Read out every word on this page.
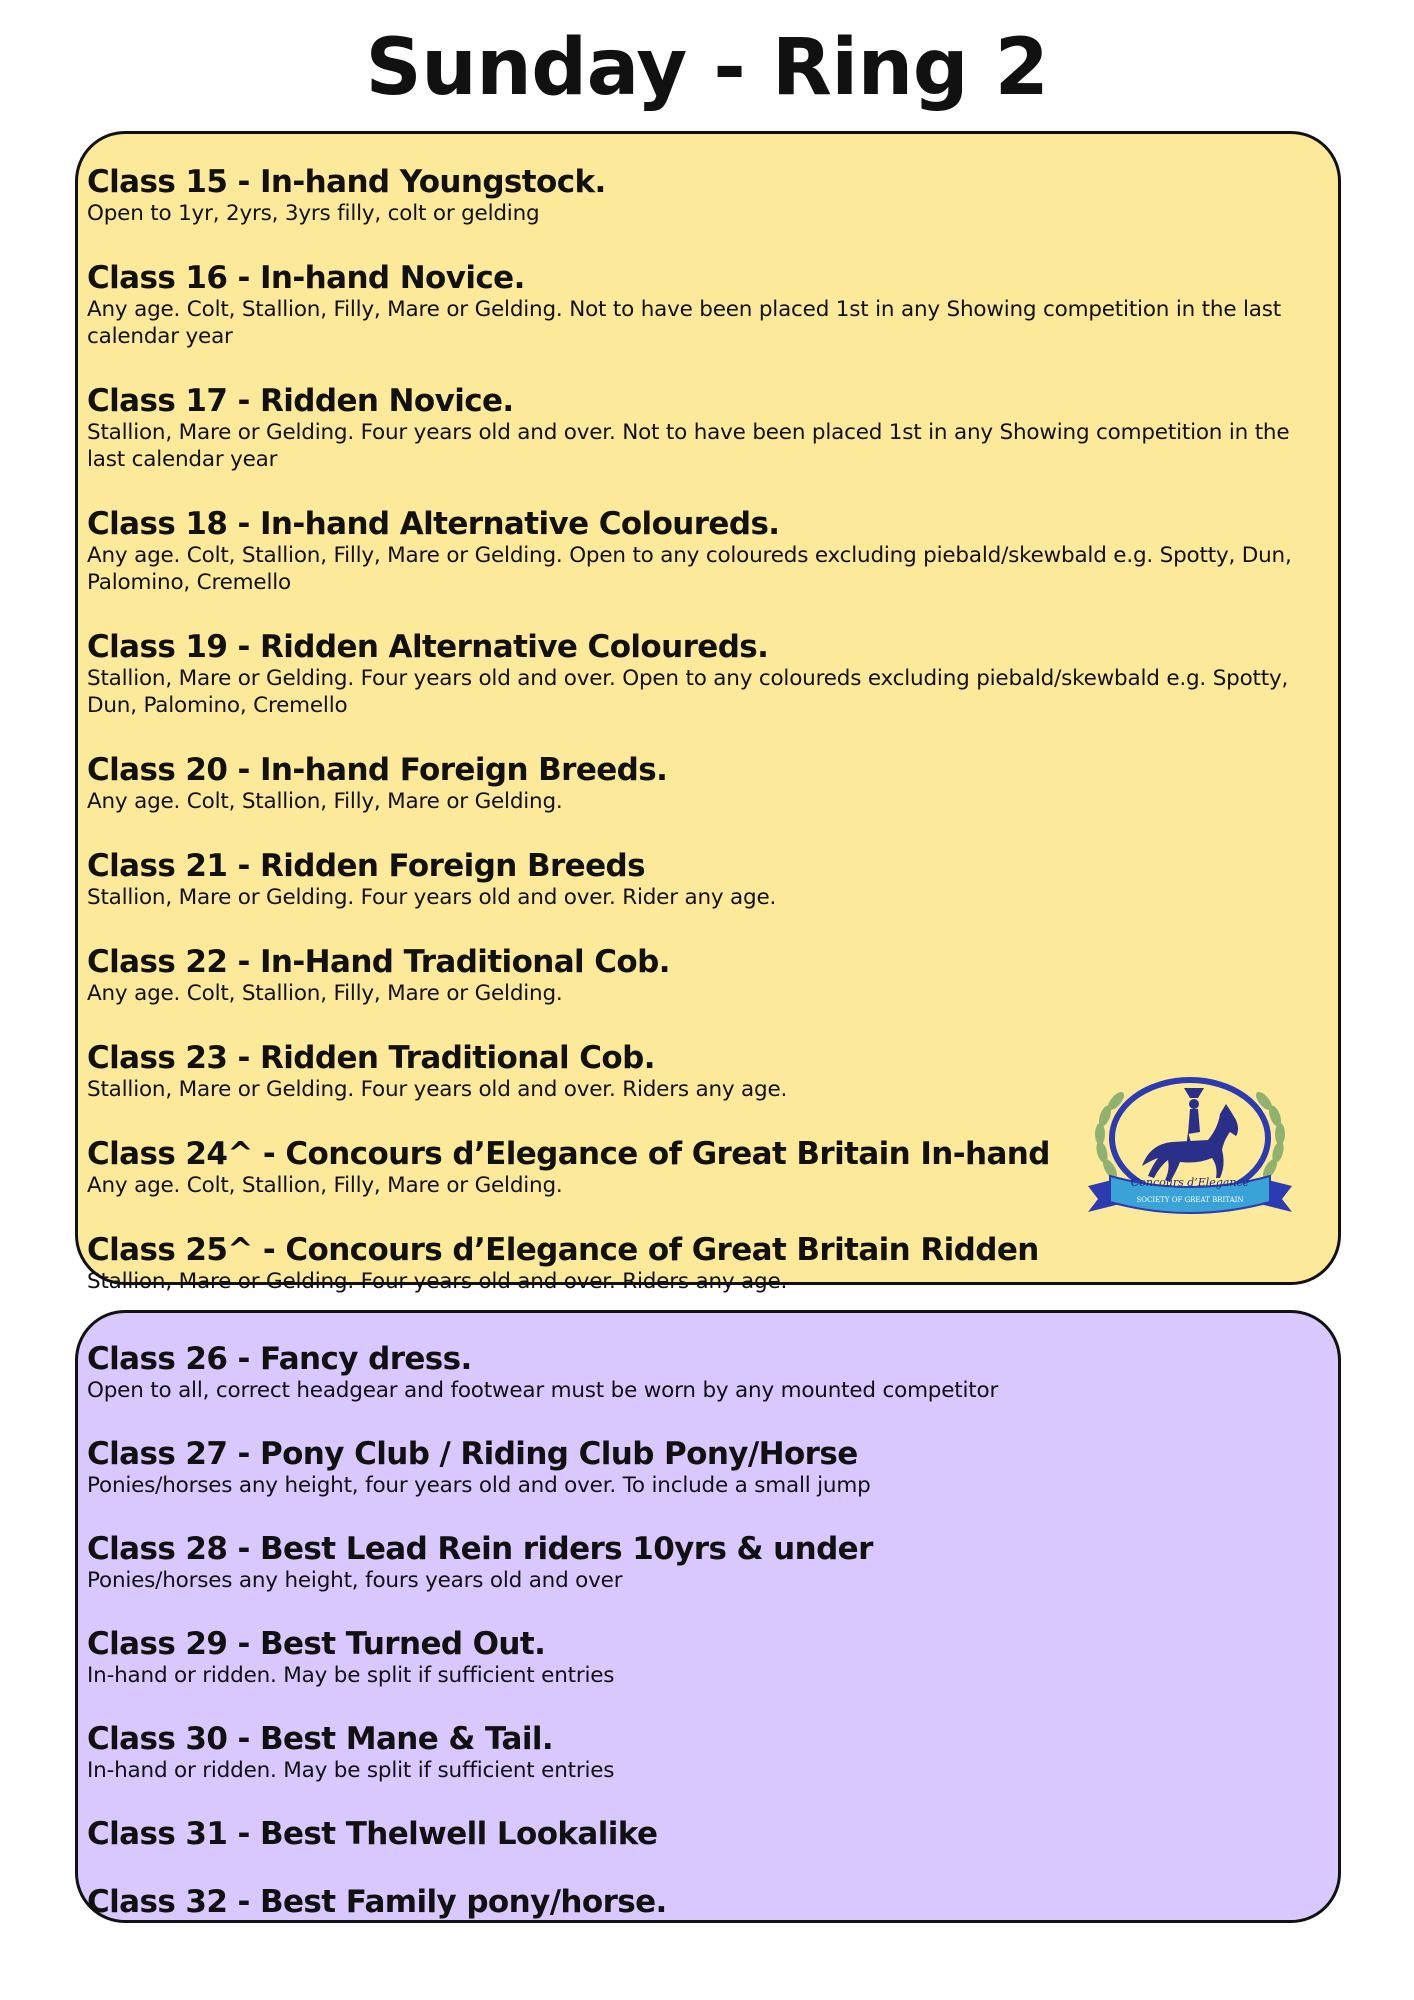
Sunday - Ring 2
Class 15 - In-hand Youngstock.
Open to 1yr, 2yrs, 3yrs filly, colt or gelding
Class 16 - In-hand Novice.
Any age. Colt, Stallion, Filly, Mare or Gelding. Not to have been placed 1st in any Showing competition in the last calendar year
Class 17 - Ridden Novice.
Stallion, Mare or Gelding. Four years old and over. Not to have been placed 1st in any Showing competition in the last calendar year
Class 18 - In-hand Alternative Coloureds.
Any age. Colt, Stallion, Filly, Mare or Gelding. Open to any coloureds excluding piebald/skewbald e.g. Spotty, Dun, Palomino, Cremello
Class 19 - Ridden Alternative Coloureds.
Stallion, Mare or Gelding. Four years old and over. Open to any coloureds excluding piebald/skewbald e.g. Spotty, Dun, Palomino, Cremello
Class 20 - In-hand Foreign Breeds.
Any age. Colt, Stallion, Filly, Mare or Gelding.
Class 21 - Ridden Foreign Breeds
Stallion, Mare or Gelding. Four years old and over. Rider any age.
Class 22 - In-Hand Traditional Cob.
Any age. Colt, Stallion, Filly, Mare or Gelding.
Class 23 - Ridden Traditional Cob.
Stallion, Mare or Gelding. Four years old and over. Riders any age.
Class 24^ - Concours d’Elegance of Great Britain In-hand
Any age. Colt, Stallion, Filly, Mare or Gelding.
Class 25^ - Concours d’Elegance of Great Britain Ridden
Stallion, Mare or Gelding. Four years old and over. Riders any age.
Concours d’Elegance
SOCIETY OF GREAT BRITAIN
Class 26 - Fancy dress.
Open to all, correct headgear and footwear must be worn by any mounted competitor
Class 27 - Pony Club / Riding Club Pony/Horse
Ponies/horses any height, four years old and over. To include a small jump
Class 28 - Best Lead Rein riders 10yrs & under
Ponies/horses any height, fours years old and over
Class 29 - Best Turned Out.
In-hand or ridden. May be split if sufficient entries
Class 30 - Best Mane & Tail.
In-hand or ridden. May be split if sufficient entries
Class 31 - Best Thelwell Lookalike
Class 32 - Best Family pony/horse.
